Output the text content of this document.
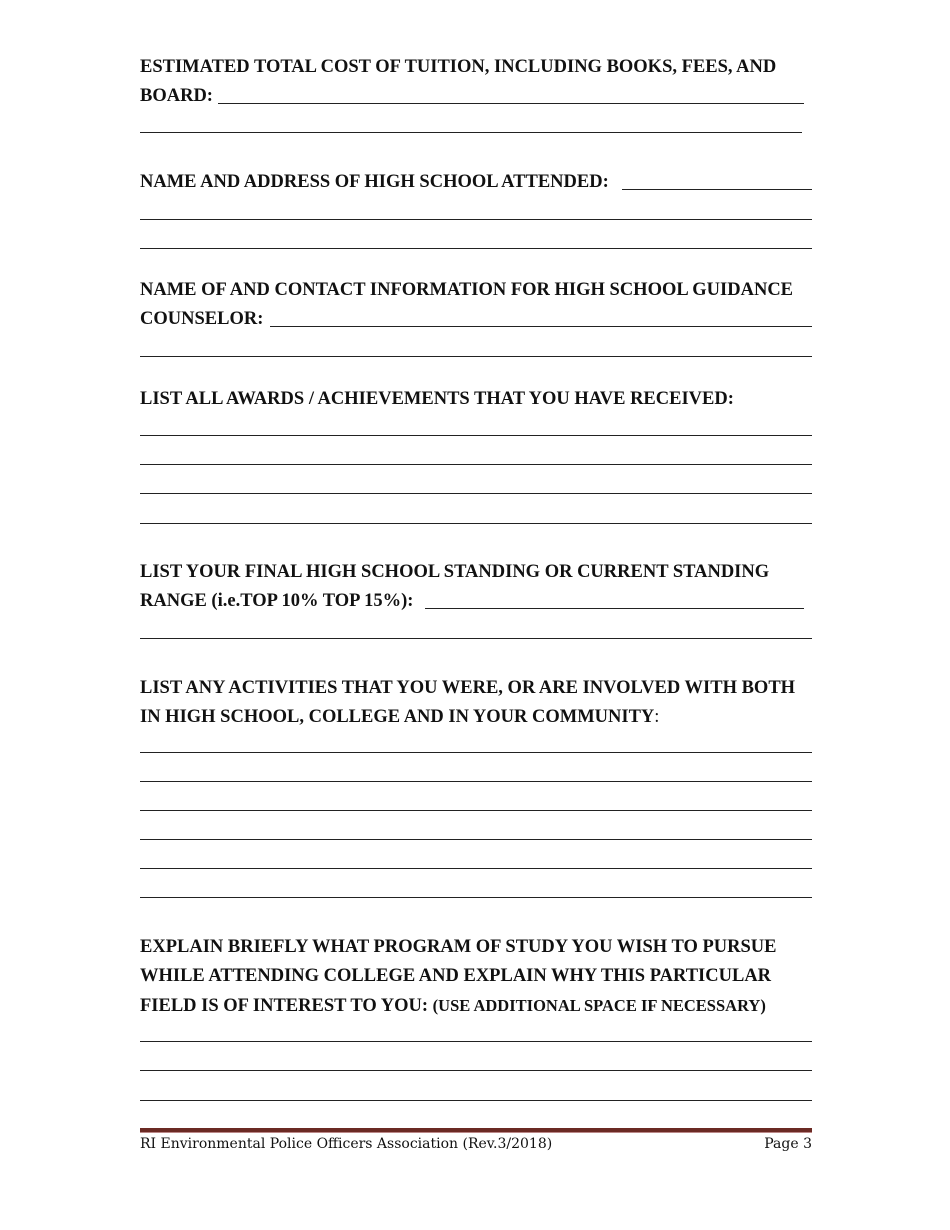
ESTIMATED TOTAL COST OF TUITION, INCLUDING BOOKS, FEES, AND BOARD:

NAME AND ADDRESS OF HIGH SCHOOL ATTENDED:

NAME OF AND CONTACT INFORMATION FOR HIGH SCHOOL GUIDANCE COUNSELOR:

LIST ALL AWARDS / ACHIEVEMENTS THAT YOU HAVE RECEIVED:

LIST YOUR FINAL HIGH SCHOOL STANDING OR CURRENT STANDING RANGE (i.e.TOP 10% TOP 15%):

LIST ANY ACTIVITIES THAT YOU WERE, OR ARE INVOLVED WITH BOTH IN HIGH SCHOOL, COLLEGE AND IN YOUR COMMUNITY:

EXPLAIN BRIEFLY WHAT PROGRAM OF STUDY YOU WISH TO PURSUE WHILE ATTENDING COLLEGE AND EXPLAIN WHY THIS PARTICULAR FIELD IS OF INTEREST TO YOU: (USE ADDITIONAL SPACE IF NECESSARY)

RI Environmental Police Officers Association (Rev.3/2018)	Page 3
